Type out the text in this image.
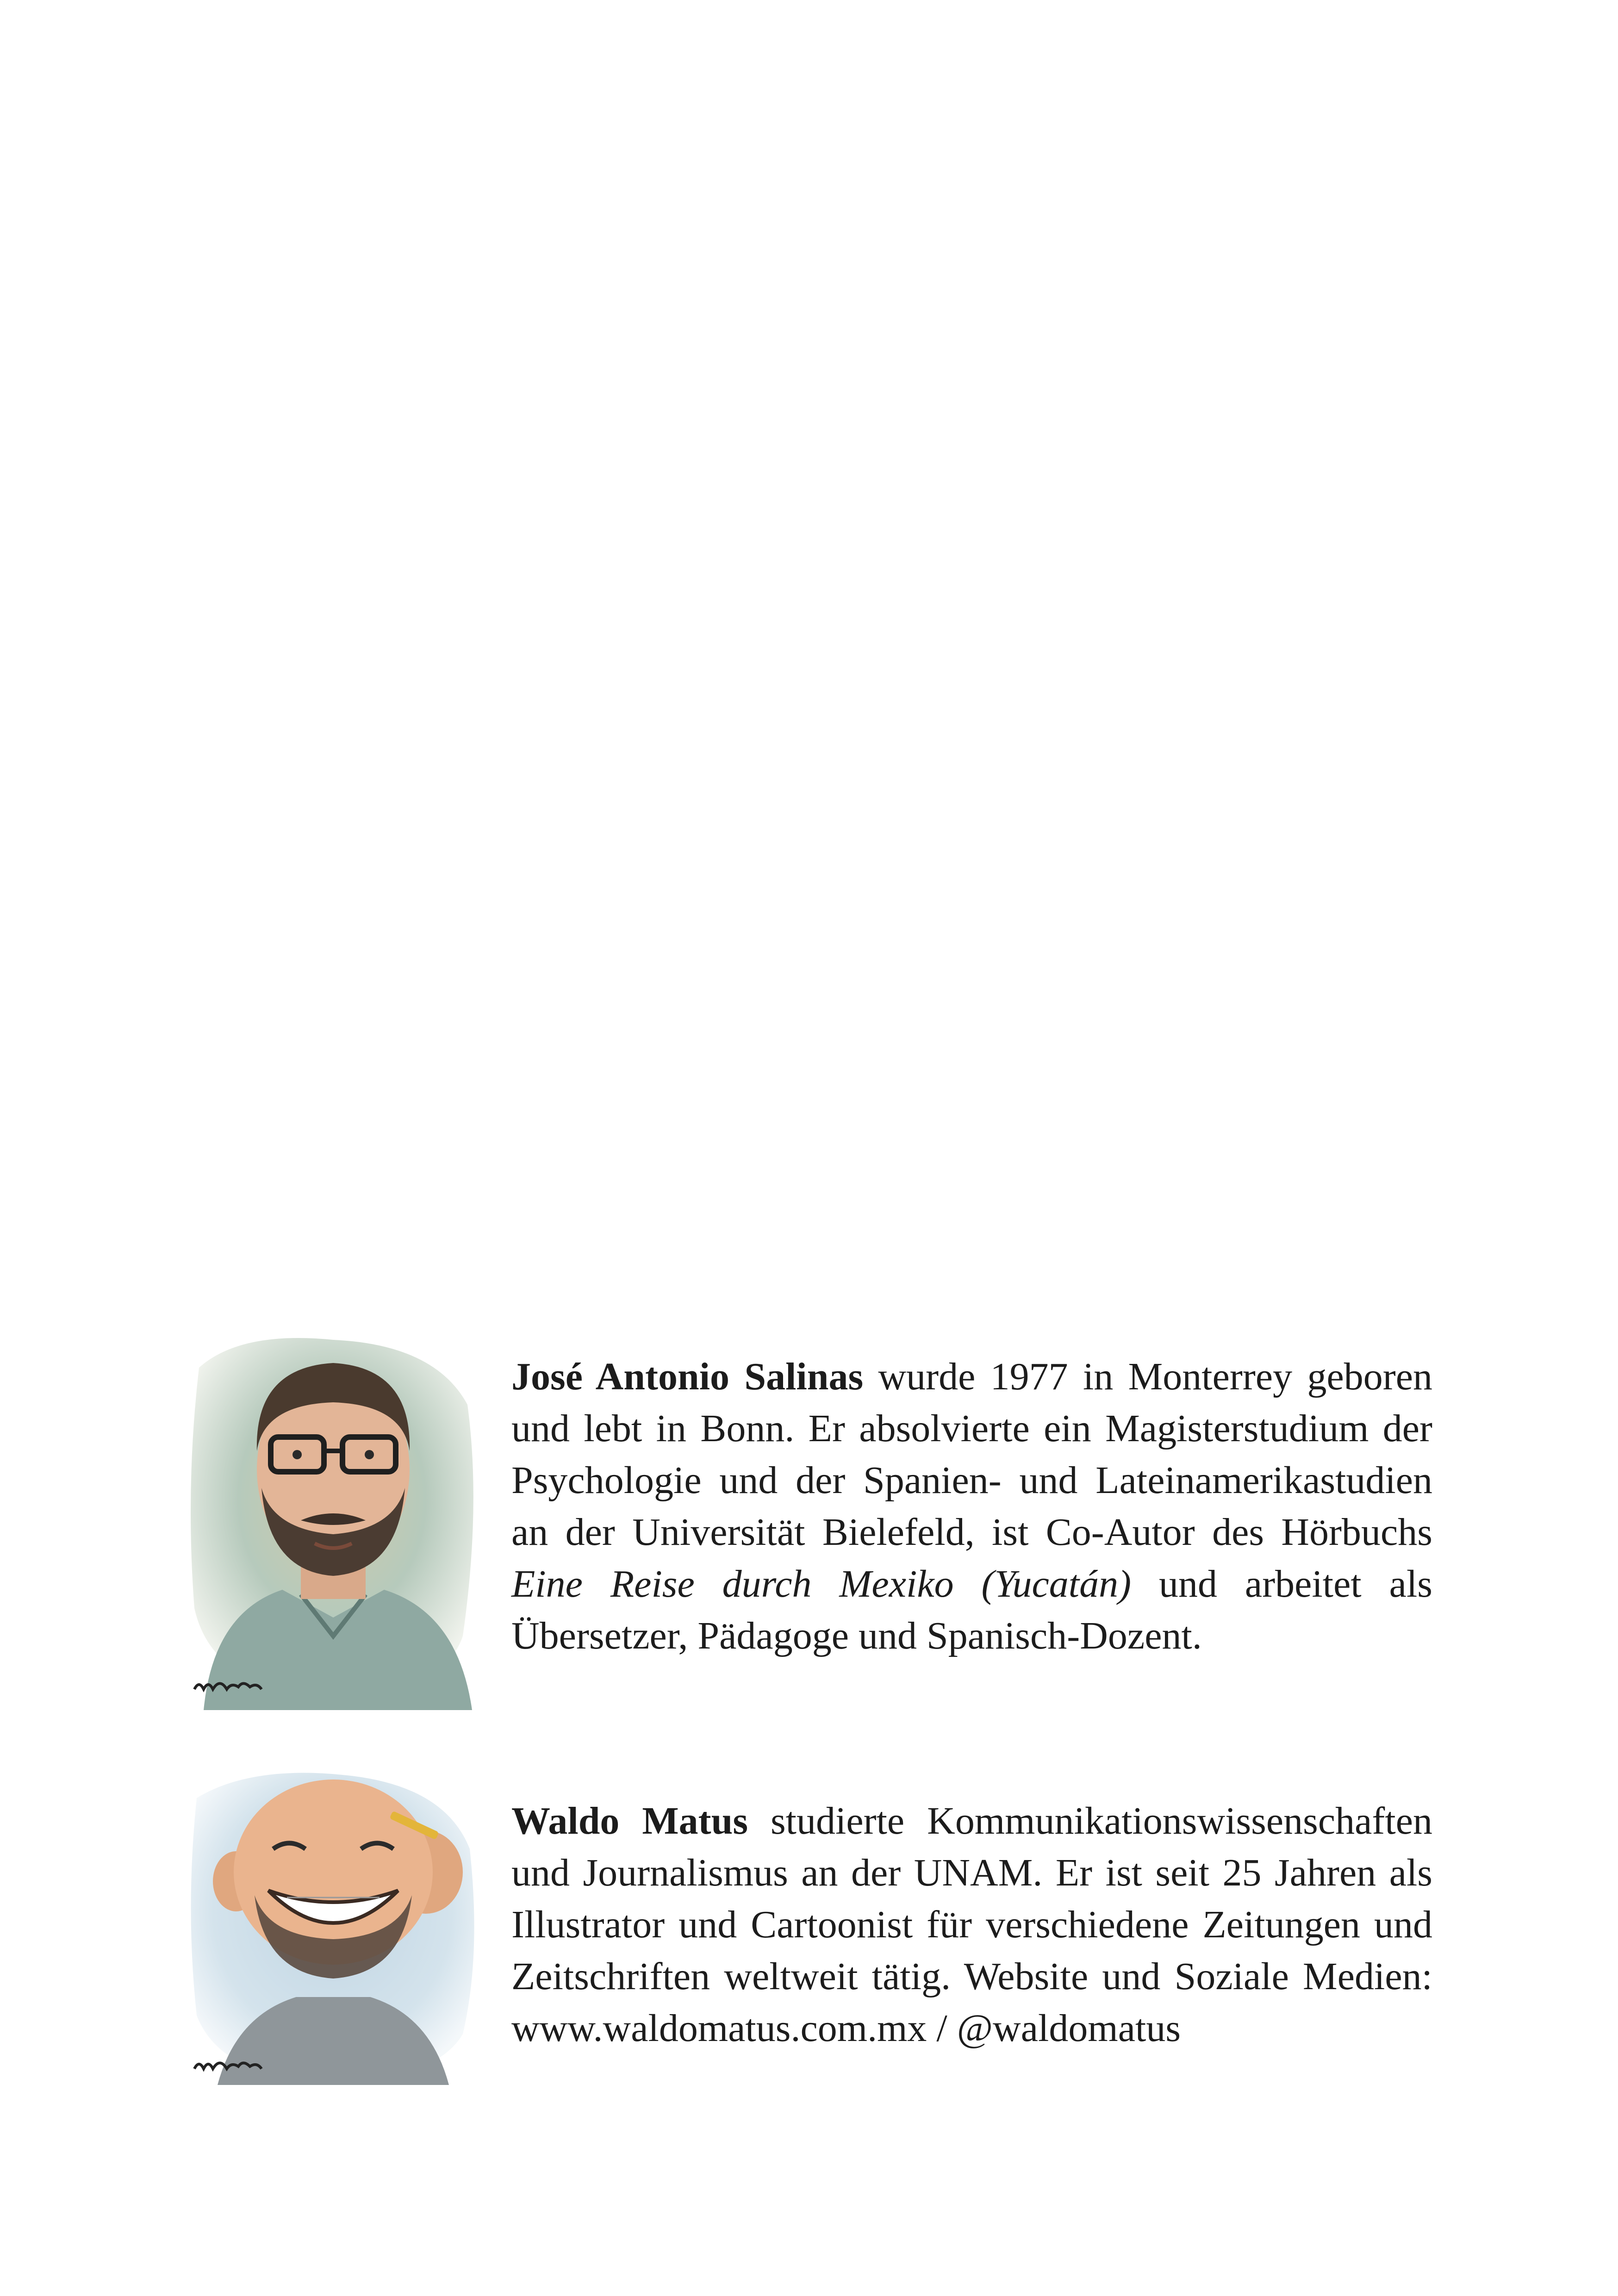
José Antonio Salinas wurde 1977 in Monterrey geboren und lebt in Bonn. Er absolvierte ein Magisterstudium der Psychologie und der Spanien- und Lateinamerikastudien an der Universität Bielefeld, ist Co-Autor des Hörbuchs Eine Reise durch Mexiko (Yucatán) und arbeitet als Übersetzer, Pädagoge und Spanisch-Dozent.

Waldo Matus studierte Kommunikationswissenschaften und Journalismus an der UNAM. Er ist seit 25 Jahren als Illustrator und Cartoonist für verschiedene Zeitungen und Zeitschriften weltweit tätig. Website und Soziale Medien: www.waldomatus.com.mx / @waldomatus
